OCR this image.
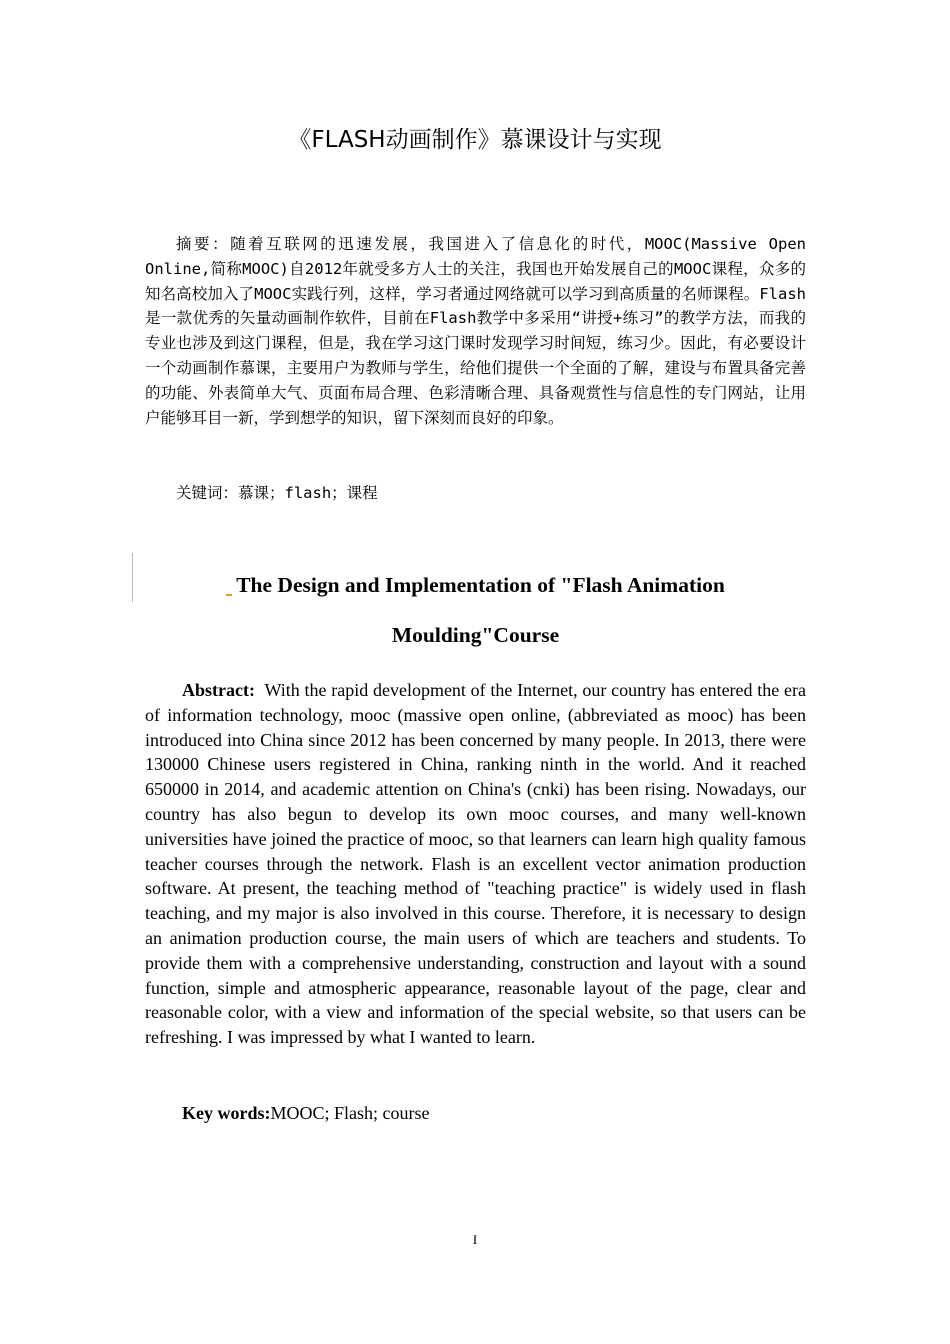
《FLASH动画制作》慕课设计与实现

摘要：随着互联网的迅速发展，我国进入了信息化的时代，MOOC(Massive Open Online,简称MOOC)自2012年就受多方人士的关注，我国也开始发展自己的MOOC课程，众多的知名高校加入了MOOC实践行列，这样，学习者通过网络就可以学习到高质量的名师课程。Flash是一款优秀的矢量动画制作软件，目前在Flash教学中多采用“讲授+练习”的教学方法，而我的专业也涉及到这门课程，但是，我在学习这门课时发现学习时间短，练习少。因此，有必要设计一个动画制作慕课，主要用户为教师与学生，给他们提供一个全面的了解，建设与布置具备完善的功能、外表简单大气、页面布局合理、色彩清晰合理、具备观赏性与信息性的专门网站，让用户能够耳目一新，学到想学的知识，留下深刻而良好的印象。

关键词：慕课；flash；课程

The Design and Implementation of "Flash Animation
Moulding"Course

Abstract: With the rapid development of the Internet, our country has entered the era of information technology, mooc (massive open online, (abbreviated as mooc) has been introduced into China since 2012 has been concerned by many people. In 2013, there were 130000 Chinese users registered in China, ranking ninth in the world. And it reached 650000 in 2014, and academic attention on China's (cnki) has been rising. Nowadays, our country has also begun to develop its own mooc courses, and many well-known universities have joined the practice of mooc, so that learners can learn high quality famous teacher courses through the network. Flash is an excellent vector animation production software. At present, the teaching method of "teaching practice" is widely used in flash teaching, and my major is also involved in this course. Therefore, it is necessary to design an animation production course, the main users of which are teachers and students. To provide them with a comprehensive understanding, construction and layout with a sound function, simple and atmospheric appearance, reasonable layout of the page, clear and reasonable color, with a view and information of the special website, so that users can be refreshing. I was impressed by what I wanted to learn.

Key words:MOOC; Flash; course

I
